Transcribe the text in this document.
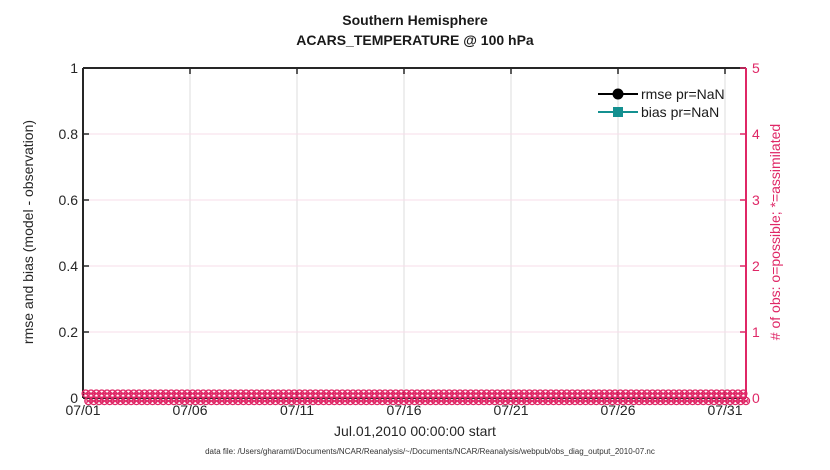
Southern Hemisphere
ACARS_TEMPERATURE @ 100 hPa
0
0.2
0.4
0.6
0.8
1
0
1
2
3
4
5
07/01	07/06	07/11	07/16	07/21	07/26	07/31
rmse and bias (model - observation)	# of obs: o=possible; *=assimilated
Jul.01,2010 00:00:00 start
rmse pr=NaN
bias pr=NaN
data file: /Users/gharamti/Documents/NCAR/Reanalysis/~/Documents/NCAR/Reanalysis/webpub/obs_diag_output_2010-07.nc
